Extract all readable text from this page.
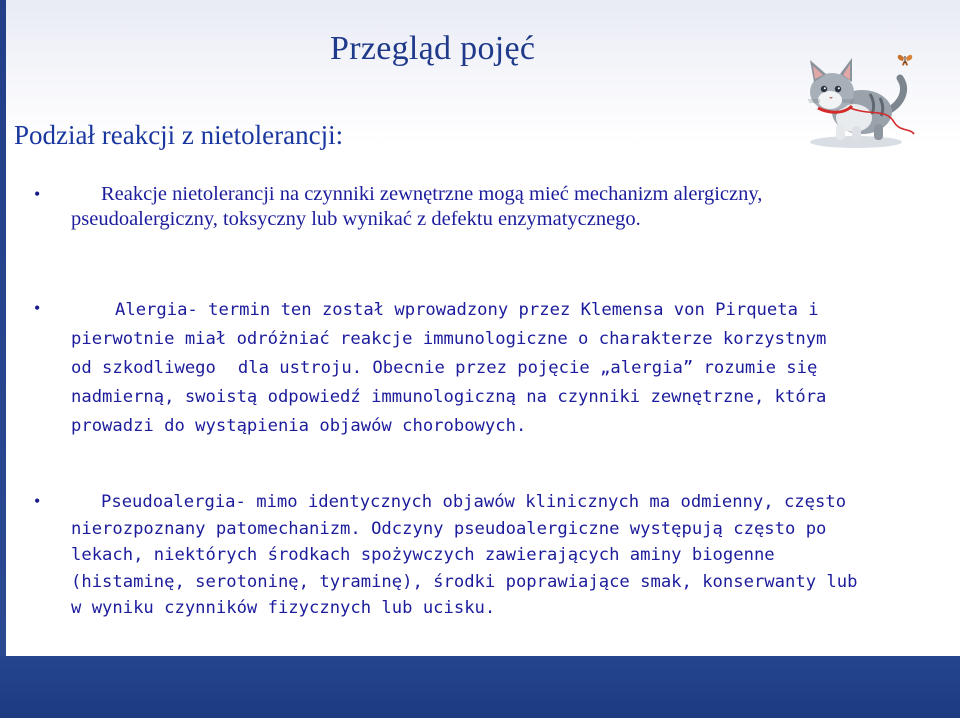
Przegląd pojęć
Podział reakcji z nietolerancji:
•	Reakcje nietolerancji na czynniki zewnętrzne mogą mieć mechanizm alergiczny, pseudoalergiczny, toksyczny lub wynikać z defektu enzymatycznego.

•	Alergia- termin ten został wprowadzony przez Klemensa von Pirqueta i pierwotnie miał odróżniać reakcje immunologiczne o charakterze korzystnym od szkodliwego dla ustroju. Obecnie przez pojęcie „alergia” rozumie się nadmierną, swoistą odpowiedź immunologiczną na czynniki zewnętrzne, która prowadzi do wystąpienia objawów chorobowych.

•	Pseudoalergia- mimo identycznych objawów klinicznych ma odmienny, często nierozpoznany patomechanizm. Odczyny pseudoalergiczne występują często po lekach, niektórych środkach spożywczych zawierających aminy biogenne (histaminę, serotoninę, tyraminę), środki poprawiające smak, konserwanty lub w wyniku czynników fizycznych lub ucisku.
